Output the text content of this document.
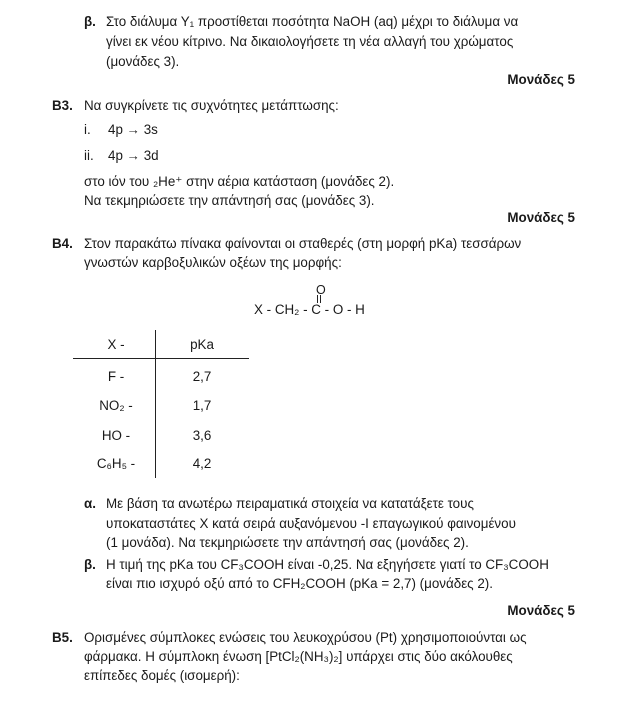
β. Στο διάλυμα Υ₁ προστίθεται ποσότητα NaOH (aq) μέχρι το διάλυμα να
γίνει εκ νέου κίτρινο. Να δικαιολογήσετε τη νέα αλλαγή του χρώματος
(μονάδες 3).
Μονάδες 5
B3. Να συγκρίνετε τις συχνότητες μετάπτωσης:
i. 4p → 3s
ii. 4p → 3d
στο ιόν του ₂He⁺ στην αέρια κατάσταση (μονάδες 2).
Να τεκμηριώσετε την απάντησή σας (μονάδες 3).
Μονάδες 5
B4. Στον παρακάτω πίνακα φαίνονται οι σταθερές (στη μορφή pKa) τεσσάρων
γνωστών καρβοξυλικών οξέων της μορφής:
O
X - CH₂ - C - O - H
X -	pKa
F -	2,7
NO₂ -	1,7
HO -	3,6
C₆H₅ -	4,2
α. Με βάση τα ανωτέρω πειραματικά στοιχεία να κατατάξετε τους
υποκαταστάτες Χ κατά σειρά αυξανόμενου -Ι επαγωγικού φαινομένου
(1 μονάδα). Να τεκμηριώσετε την απάντησή σας (μονάδες 2).
β. Η τιμή της pKa του CF₃COOH είναι -0,25. Να εξηγήσετε γιατί το CF₃COOH
είναι πιο ισχυρό οξύ από το CFH₂COOH (pKa = 2,7) (μονάδες 2).
Μονάδες 5
B5. Ορισμένες σύμπλοκες ενώσεις του λευκοχρύσου (Pt) χρησιμοποιούνται ως
φάρμακα. Η σύμπλοκη ένωση [PtCl₂(NH₃)₂] υπάρχει στις δύο ακόλουθες
επίπεδες δομές (ισομερή):
